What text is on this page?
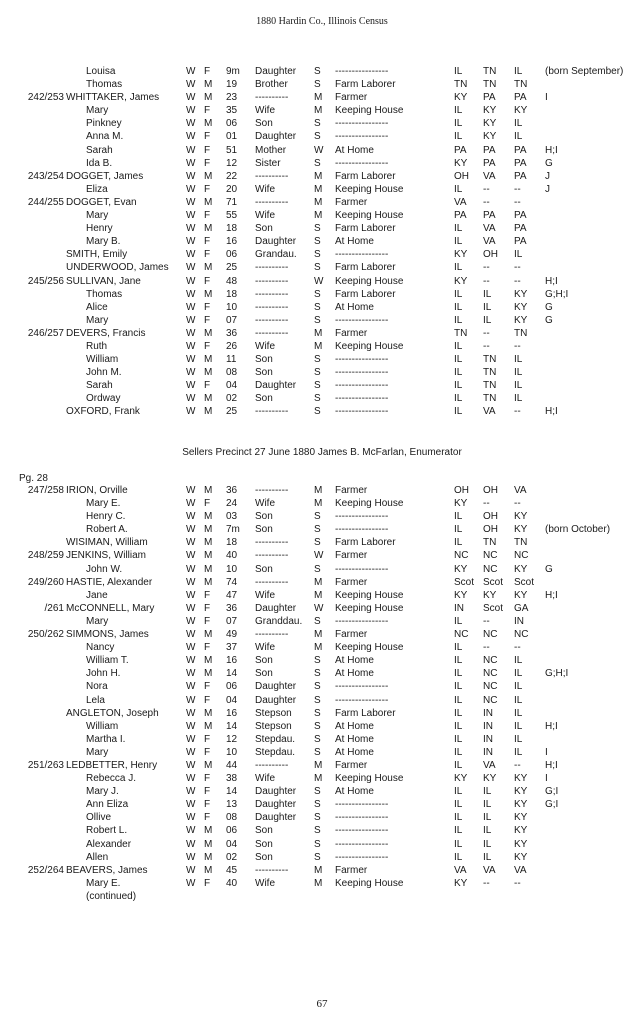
1880 Hardin Co., Illinois Census
Louisa	W F 9m Daughter S ----------------	IL TN IL (born September)
Thomas	W M 19 Brother	S Farm Laborer	TN TN TN
242/253 WHITTAKER, James	W M 23 ----------	M Farmer	KY PA PA I
Mary	W F 35 Wife	M Keeping House	IL KY KY
Pinkney	W M 06 Son	S ----------------	IL KY IL
Anna M.	W F 01 Daughter S ----------------	IL KY IL
Sarah	W F 51 Mother	W At Home	PA PA PA H;I
Ida B.	W F 12 Sister	S ----------------	KY PA PA G
243/254 DOGGET, James	W M 22 ----------	M Farm Laborer	OH VA PA J
Eliza	W F 20 Wife	M Keeping House	IL -- -- J
244/255 DOGGET, Evan	W M 71 ----------	M Farmer	VA -- --
Mary	W F 55 Wife	M Keeping House	PA PA PA
Henry	W M 18 Son	S Farm Laborer	IL VA PA
Mary B.	W F 16 Daughter S At Home	IL VA PA
SMITH, Emily	W F 06 Grandau. S ----------------	KY OH IL
UNDERWOOD, James W M 25 ----------	S Farm Laborer	IL -- --
245/256 SULLIVAN, Jane	W F 48 ----------	W Keeping House	KY -- -- H;I
Thomas	W M 18 ----------	S Farm Laborer	IL IL KY G;H;I
Alice	W F 10 ----------	S At Home	IL IL KY G
Mary	W F 07 ----------	S ----------------	IL IL KY G
246/257 DEVERS, Francis	W M 36 ----------	M Farmer	TN -- TN
Ruth	W F 26 Wife	M Keeping House	IL -- --
William	W M 11 Son	S ----------------	IL TN IL
John M.	W M 08 Son	S ----------------	IL TN IL
Sarah	W F 04 Daughter S ----------------	IL TN IL
Ordway	W M 02 Son	S ----------------	IL TN IL
OXFORD, Frank	W M 25 ----------	S ----------------	IL VA -- H;I
Sellers Precinct 27 June 1880 James B. McFarlan, Enumerator
Pg. 28
247/258 IRION, Orville	W M 36 ----------	M Farmer	OH OH VA
Mary E.	W F 24 Wife	M Keeping House	KY -- --
Henry C.	W M 03 Son	S ----------------	IL OH KY
Robert A.	W M 7m Son	S ----------------	IL OH KY (born October)
WISIMAN, William	W M 18 ----------	S Farm Laborer	IL TN TN
248/259 JENKINS, William	W M 40 ----------	W Farmer	NC NC NC
John W.	W M 10 Son	S ----------------	KY NC KY G
249/260 HASTIE, Alexander	W M 74 ----------	M Farmer	Scot Scot Scot
Jane	W F 47 Wife	M Keeping House	KY KY KY H;I
/261 McCONNELL, Mary	W F 36 Daughter W Keeping House	IN Scot GA
Mary	W F 07 Granddau. S ----------------	IL -- IN
250/262 SIMMONS, James	W M 49 ----------	M Farmer	NC NC NC
Nancy	W F 37 Wife	M Keeping House	IL -- --
William T.	W M 16 Son	S At Home	IL NC IL
John H.	W M 14 Son	S At Home	IL NC IL G;H;I
Nora	W F 06 Daughter S ----------------	IL NC IL
Lela	W F 04 Daughter S ----------------	IL NC IL
ANGLETON, Joseph	W M 16 Stepson S Farm Laborer	IL IN IL
William	W M 14 Stepson S At Home	IL IN IL H;I
Martha I.	W F 12 Stepdau. S At Home	IL IN IL
Mary	W F 10 Stepdau. S At Home	IL IN IL I
251/263 LEDBETTER, Henry	W M 44 ----------	M Farmer	IL VA -- H;I
Rebecca J.	W F 38 Wife	M Keeping House	KY KY KY I
Mary J.	W F 14 Daughter S At Home	IL IL KY G;I
Ann Eliza	W F 13 Daughter S ----------------	IL IL KY G;I
Ollive	W F 08 Daughter S ----------------	IL IL KY
Robert L.	W M 06 Son	S ----------------	IL IL KY
Alexander	W M 04 Son	S ----------------	IL IL KY
Allen	W M 02 Son	S ----------------	IL IL KY
252/264 BEAVERS, James	W M 45 ----------	M Farmer	VA VA VA
Mary E.	W F 40 Wife	M Keeping House	KY -- --
(continued)
67
